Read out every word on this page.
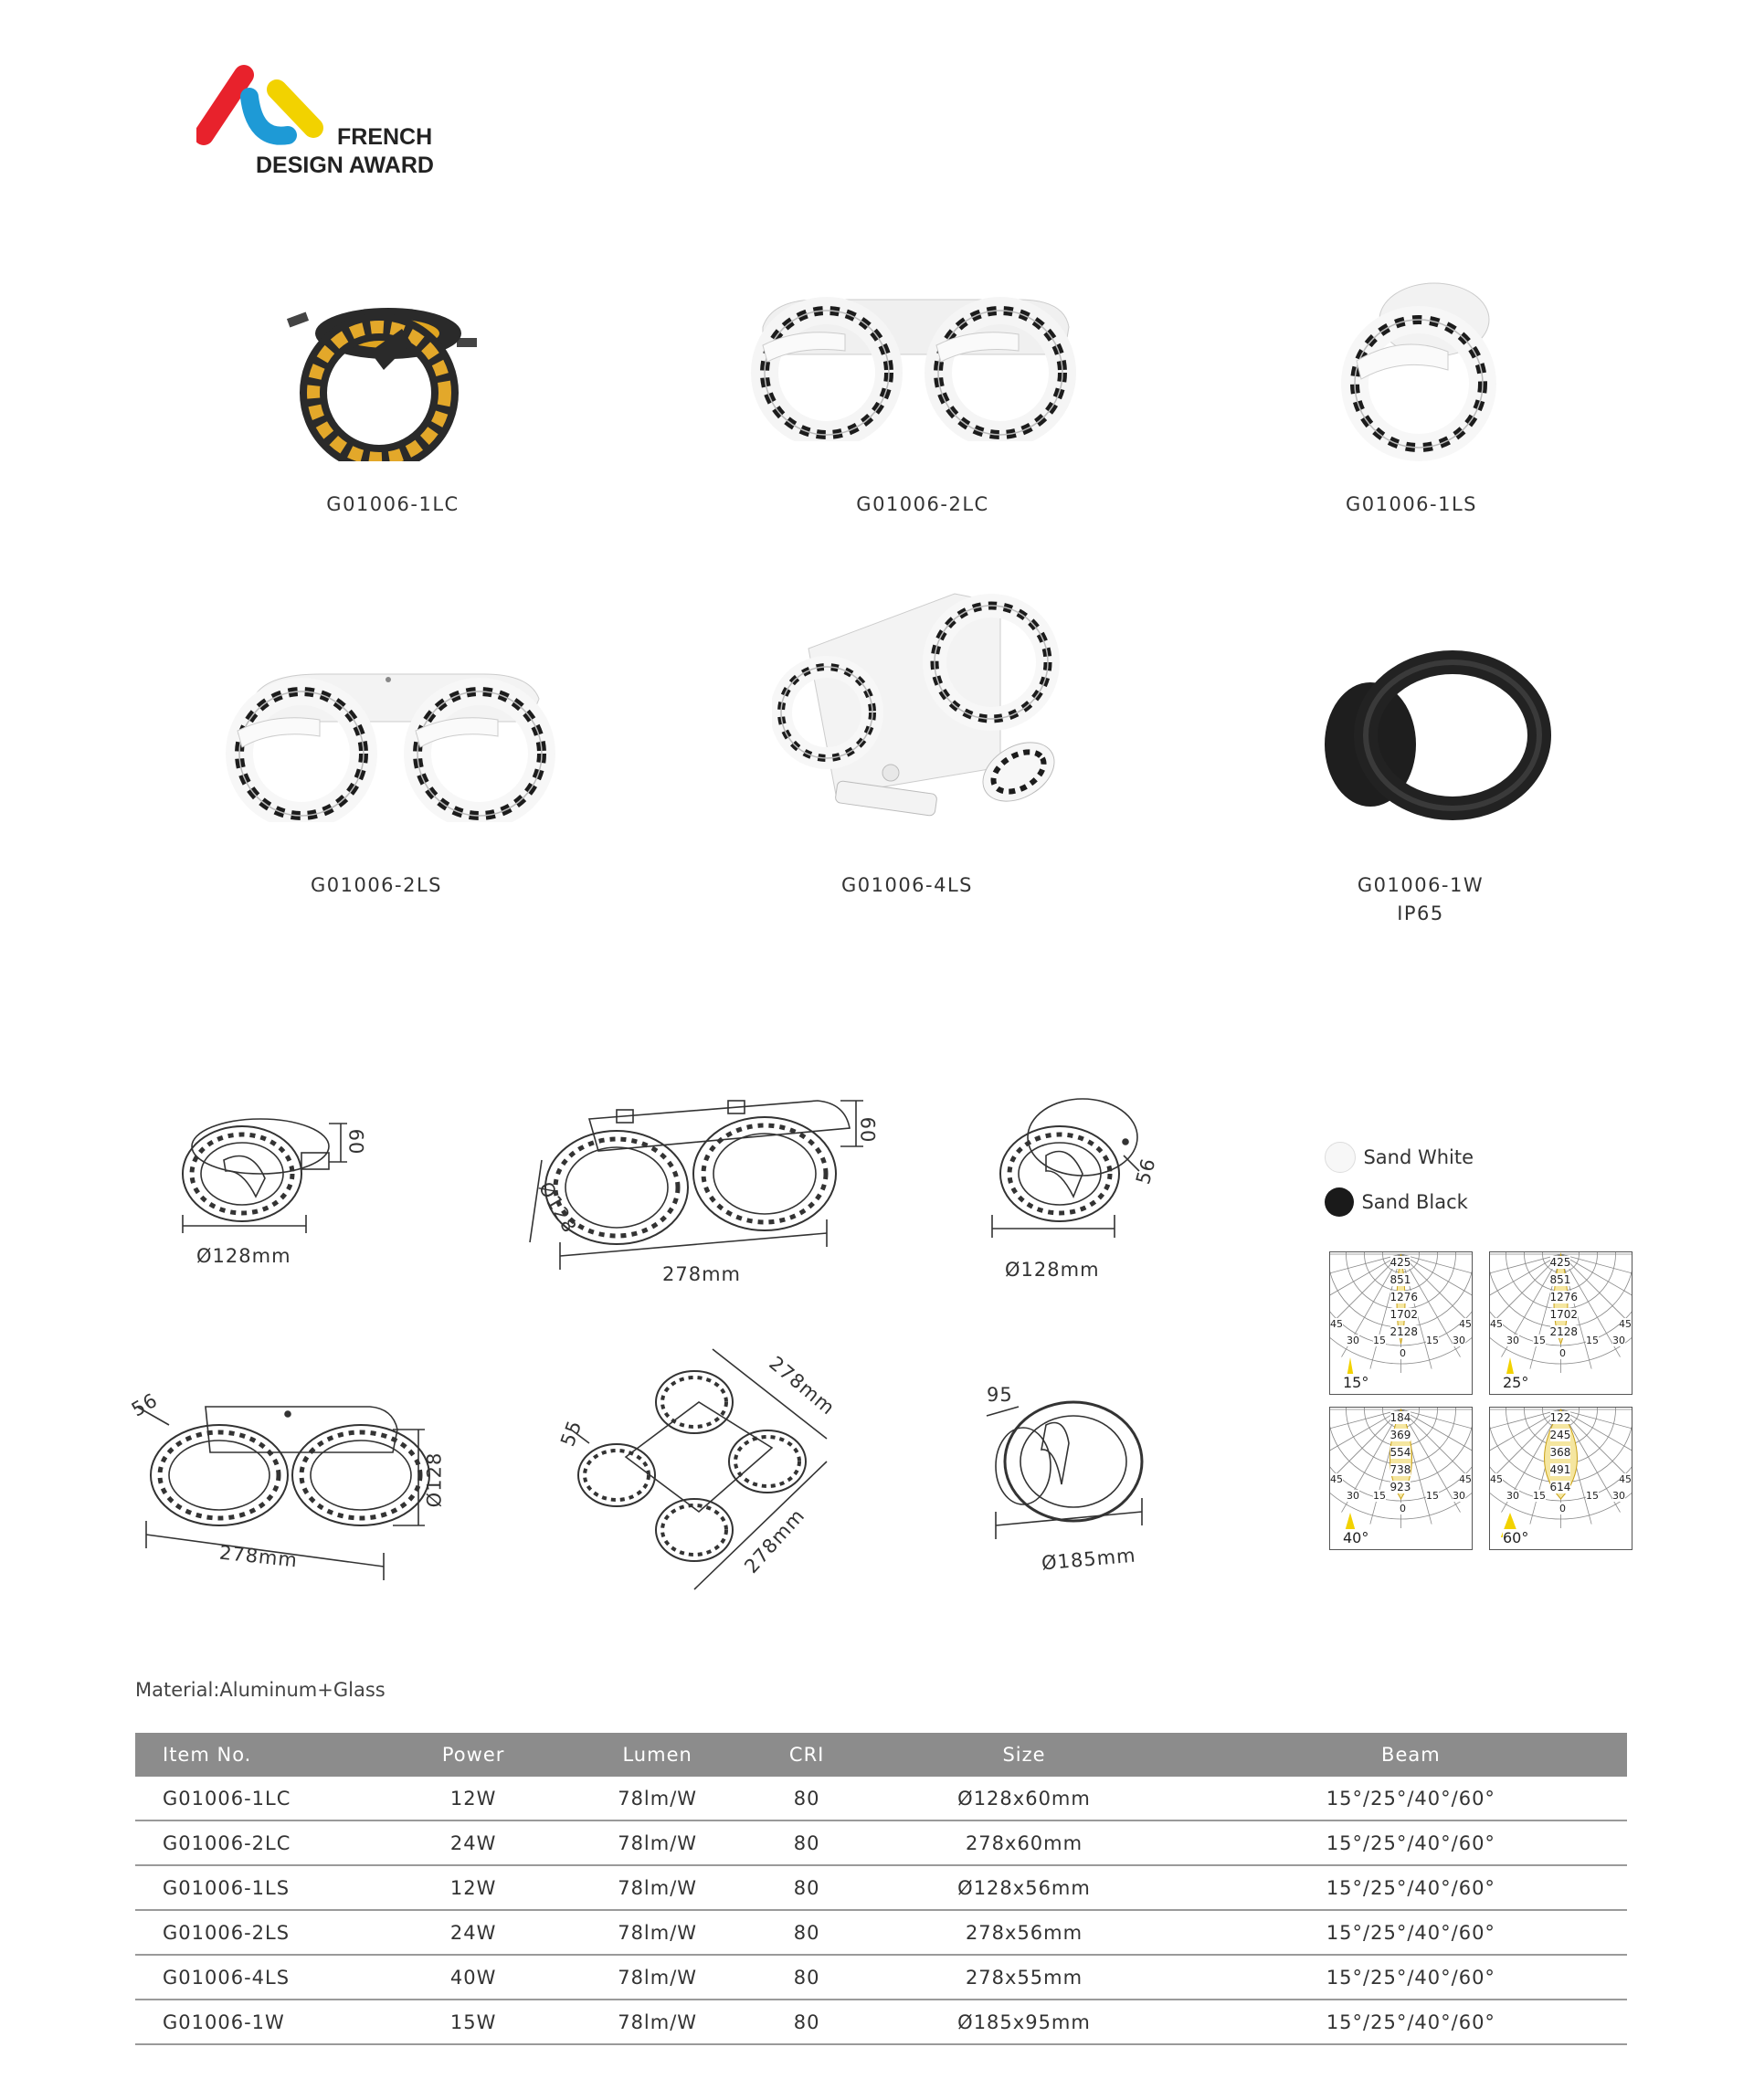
FRENCH
DESIGN AWARD
G01006-1LC	G01006-2LC	G01006-1LS
G01006-2LS	G01006-4LS	G01006-1W
IP65
Ø128mm
60
Ø128
278mm
60
Ø128mm
56
56
278mm
Ø128
55
278mm
278mm
95
Ø185mm
Sand White
Sand Black
425
851
1276
1702
2128
30 15
0
15 30
45	45
15°
425
851
1276
1702
2128
30 15
0
15 30
45	45
25°
184
369
554
738
923
30 15
0
15 30
45	45
40°
122
245
368
491
614
30 15
0
15 30
45	45
60°
Material:Aluminum+Glass
Item No.	Power	Lumen	CRI	Size	Beam
G01006-1LC	12W	78lm/W	80	Ø128x60mm	15°/25°/40°/60°
G01006-2LC	24W	78lm/W	80	278x60mm	15°/25°/40°/60°
G01006-1LS	12W	78lm/W	80	Ø128x56mm	15°/25°/40°/60°
G01006-2LS	24W	78lm/W	80	278x56mm	15°/25°/40°/60°
G01006-4LS	40W	78lm/W	80	278x55mm	15°/25°/40°/60°
G01006-1W	15W	78lm/W	80	Ø185x95mm	15°/25°/40°/60°
